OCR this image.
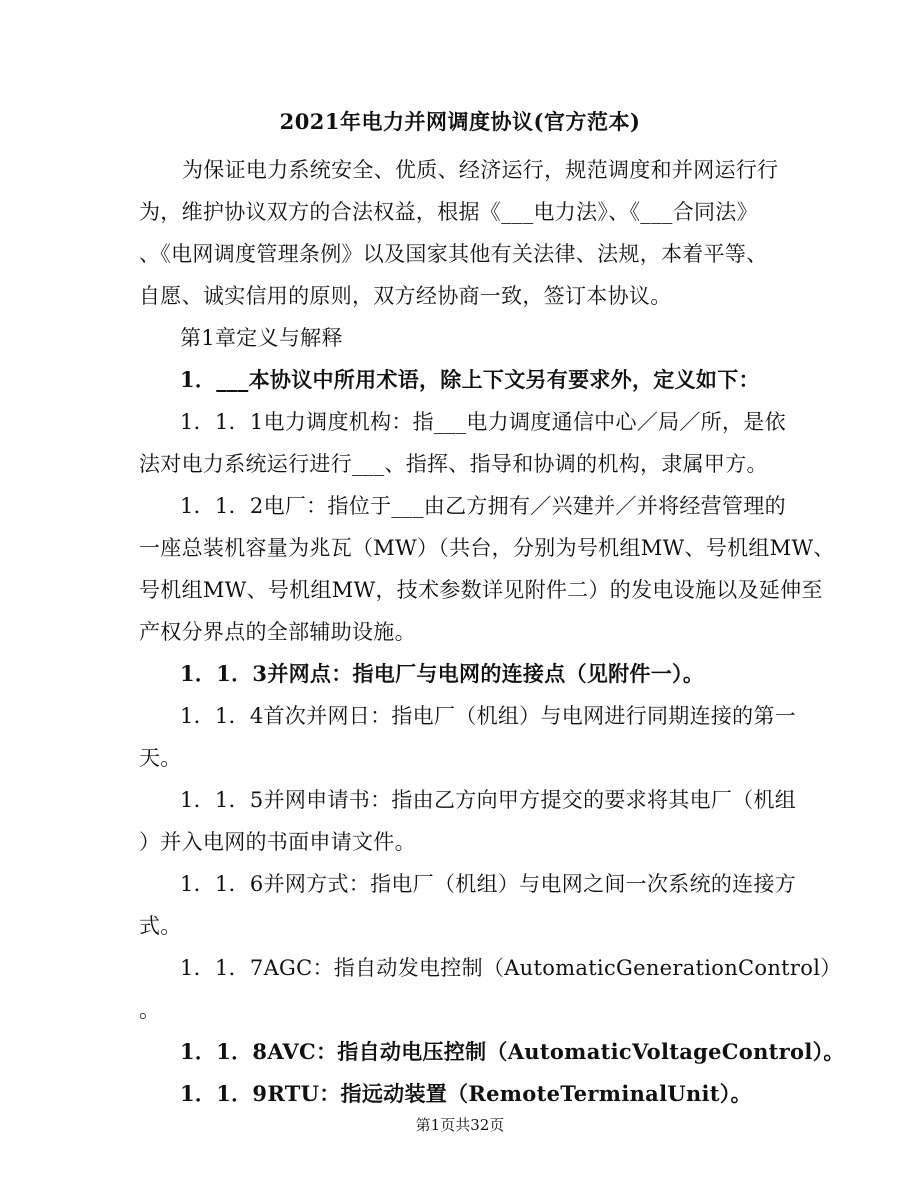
2021年电力并网调度协议(官方范本)
为保证电力系统安全、优质、经济运行，规范调度和并网运行行
为，维护协议双方的合法权益，根据《___电力法》、《___合同法》
、《电网调度管理条例》以及国家其他有关法律、法规，本着平等、
自愿、诚实信用的原则，双方经协商一致，签订本协议。
第1章定义与解释
1．___本协议中所用术语，除上下文另有要求外，定义如下：
1．1．1电力调度机构：指___电力调度通信中心／局／所，是依
法对电力系统运行进行___、指挥、指导和协调的机构，隶属甲方。
1．1．2电厂：指位于___由乙方拥有／兴建并／并将经营管理的
一座总装机容量为兆瓦（MW）（共台，分别为号机组MW、号机组MW、
号机组MW、号机组MW，技术参数详见附件二）的发电设施以及延伸至
产权分界点的全部辅助设施。
1．1．3并网点：指电厂与电网的连接点（见附件一）。
1．1．4首次并网日：指电厂（机组）与电网进行同期连接的第一
天。
1．1．5并网申请书：指由乙方向甲方提交的要求将其电厂（机组
）并入电网的书面申请文件。
1．1．6并网方式：指电厂（机组）与电网之间一次系统的连接方
式。
1．1．7AGC：指自动发电控制（AutomaticGenerationControl）
。
1．1．8AVC：指自动电压控制（AutomaticVoltageControl）。
1．1．9RTU：指远动装置（RemoteTerminalUnit）。
第1页共32页
